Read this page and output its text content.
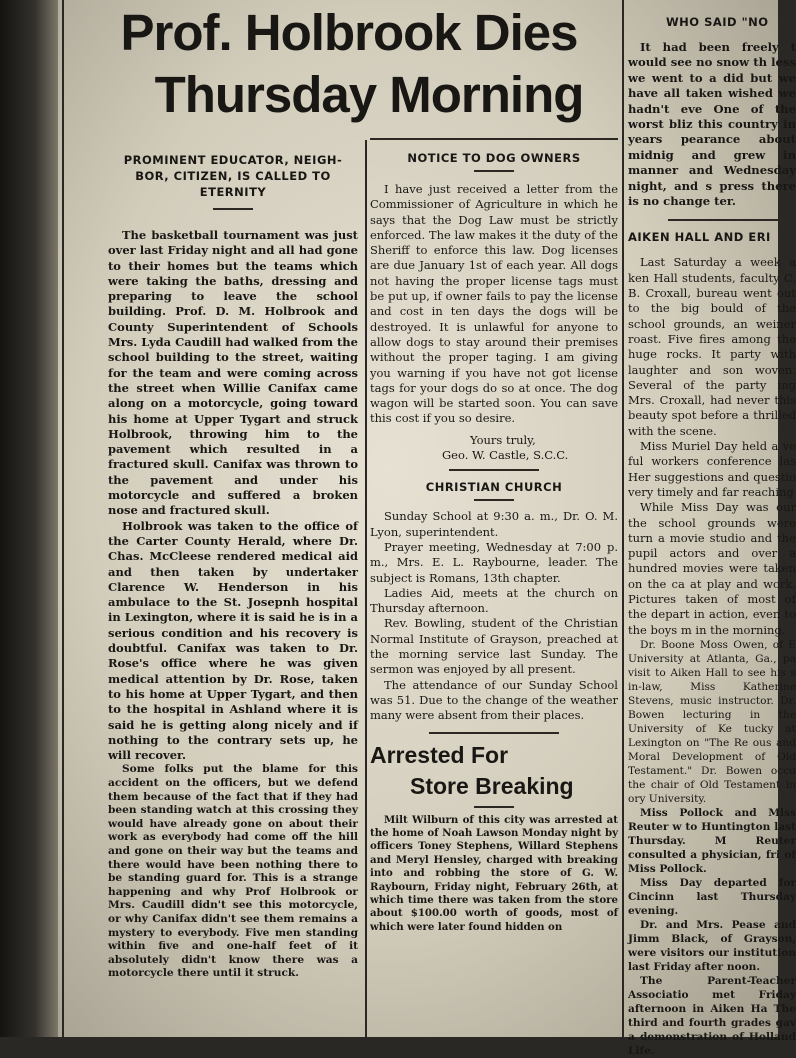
Prof. Holbrook Dies
Thursday Morning
PROMINENT EDUCATOR, NEIGH- BOR, CITIZEN, IS CALLED TO ETERNITY

The basketball tournament was just over last Friday night and all had gone to their homes but the teams which were taking the baths, dressing and preparing to leave the school building. Prof. D. M. Holbrook and County Superintendent of Schools Mrs. Lyda Caudill had walked from the school building to the street, waiting for the team and were coming across the street when Willie Canifax came along on a motorcycle, going toward his home at Upper Tygart and struck Holbrook, throwing him to the pavement which resulted in a fractured skull. Canifax was thrown to the pavement and under his motorcycle and suffered a broken nose and fractured skull.

Holbrook was taken to the office of the Carter County Herald, where Dr. Chas. McCleese rendered medical aid and then taken by undertaker Clarence W. Henderson in his ambulace to the St. Josepnh hospital in Lexington, where it is said he is in a serious condition and his recovery is doubtful. Canifax was taken to Dr. Rose's office where he was given medical attention by Dr. Rose, taken to his home at Upper Tygart, and then to the hospital in Ashland where it is said he is getting along nicely and if nothing to the contrary sets up, he will recover.

Some folks put the blame for this accident on the officers, but we defend them because of the fact that if they had been standing watch at this crossing they would have already gone on about their work as everybody had come off the hill and gone on their way but the teams and there would have been nothing there to be standing guard for. This is a strange happening and why Prof Holbrook or Mrs. Caudill didn't see this motorcycle, or why Canifax didn't see them remains a mystery to everybody. Five men standing within five and one-half feet of it absolutely didn't know there was a motorcycle there until it struck.

NOTICE TO DOG OWNERS

I have just received a letter from the Commissioner of Agriculture in which he says that the Dog Law must be strictly enforced. The law makes it the duty of the Sheriff to enforce this law. Dog licenses are due January 1st of each year. All dogs not having the proper license tags must be put up, if owner fails to pay the license and cost in ten days the dogs will be destroyed. It is unlawful for anyone to allow dogs to stay around their premises without the proper taging. I am giving you warning if you have not got license tags for your dogs do so at once. The dog wagon will be started soon. You can save this cost if you so desire.

Yours truly,
Geo. W. Castle, S.C.C.
CHRISTIAN CHURCH

Sunday School at 9:30 a. m., Dr. O. M. Lyon, superintendent.

Prayer meeting, Wednesday at 7:00 p. m., Mrs. E. L. Raybourne, leader. The subject is Romans, 13th chapter.

Ladies Aid, meets at the church on Thursday afternoon.

Rev. Bowling, student of the Christian Normal Institute of Grayson, preached at the morning service last Sunday. The sermon was enjoyed by all present.

The attendance of our Sunday School was 51. Due to the change of the weather many were absent from their places.

Arrested For
Store Breaking

Milt Wilburn of this city was arrested at the home of Noah Lawson Monday night by officers Toney Stephens, Willard Stephens and Meryl Hensley, charged with breaking into and robbing the store of G. W. Raybourn, Friday night, February 26th, at which time there was taken from the store about $100.00 worth of goods, most of which were later found hidden on

WHO SAID "NO

It had been freely t would see no snow th less we went to a did but we have all taken wished we hadn't eve One of the worst bliz this country in years pearance about midnig and grew in manner and Wednesday night, and s press there is no change ter.

AIKEN HALL AND ERI

Last Saturday a week a ken Hall students, faculty C. B. Croxall, bureau went out to the big bould of the school grounds, an weiner roast. Five fires among the huge rocks. It party with laughter and son woven. Several of the party ing Mrs. Croxall, had never this beauty spot before a thrilled with the scene.

Miss Muriel Day held a ve ful workers conference las Her suggestions and questio very timely and far reaching

While Miss Day was our the school grounds were turn a movie studio and the pupil actors and over a hundred movies were taken on the ca at play and work. Pictures taken of most of the depart in action, even to the boys m in the morning.

Dr. Boone Moss Owen, of E University at Atlanta, Ga., pa visit to Aiken Hall to see his s in-law, Miss Katherine Stevens, music instructor. Dr. Bowen lecturing in the University of Ke tucky at Lexington on "The Re ous and Moral Development of Old Testament." Dr. Bowen occu the chair of Old Testament in ory University.

Miss Pollock and Miss Reuter w to Huntington last Thursday. M Reuter consulted a physician, fri of Miss Pollock.

Miss Day departed for Cincinn last Thursday evening.

Dr. and Mrs. Pease and Jimm Black, of Grayson, were visitors our institution last Friday after noon.

The Parent-Teacher Associatio met Friday afternoon in Aiken Ha The third and fourth grades gav a demonstration of Holland Life.
